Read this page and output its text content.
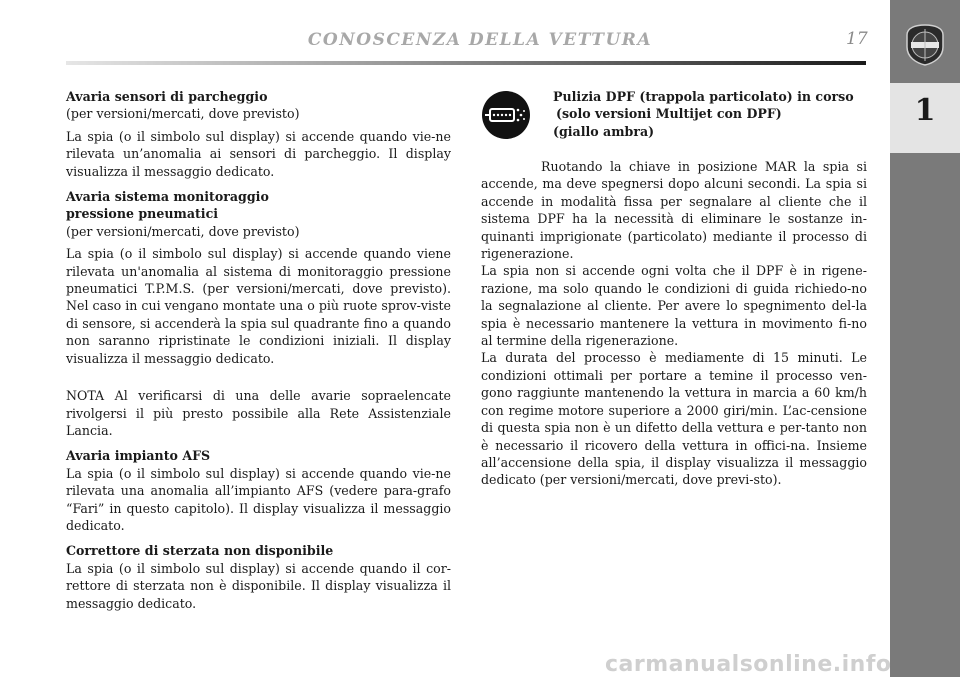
CONOSCENZA DELLA VETTURA	17
1
Avaria sensori di parcheggio

(per versioni/mercati, dove previsto)

La spia (o il simbolo sul display) si accende quando vie-ne rilevata un’anomalia ai sensori di parcheggio. Il display visualizza il messaggio dedicato.

Avaria sistema monitoraggio
pressione pneumatici

(per versioni/mercati, dove previsto)

La spia (o il simbolo sul display) si accende quando viene rilevata un'anomalia al sistema di monitoraggio pressione pneumatici T.P.M.S. (per versioni/mercati, dove previsto). Nel caso in cui vengano montate una o più ruote sprov-viste di sensore, si accenderà la spia sul quadrante fino a quando non saranno ripristinate le condizioni iniziali. Il display visualizza il messaggio dedicato.

NOTA Al verificarsi di una delle avarie sopraelencate rivolgersi il più presto possibile alla Rete Assistenziale Lancia.

Avaria impianto AFS

La spia (o il simbolo sul display) si accende quando vie-ne rilevata una anomalia all’impianto AFS (vedere para-grafo “Fari” in questo capitolo). Il display visualizza il messaggio dedicato.

Correttore di sterzata non disponibile

La spia (o il simbolo sul display) si accende quando il cor-rettore di sterzata non è disponibile. Il display visualizza il messaggio dedicato.

Pulizia DPF (trappola particolato) in corso
(solo versioni Multijet con DPF)
(giallo ambra)

Ruotando la chiave in posizione MAR la spia si accende, ma deve spegnersi dopo alcuni secondi. La spia si accende in modalità fissa per segnalare al cliente che il sistema DPF ha la necessità di eliminare le sostanze in-quinanti imprigionate (particolato) mediante il processo di rigenerazione.

La spia non si accende ogni volta che il DPF è in rigene-razione, ma solo quando le condizioni di guida richiedo-no la segnalazione al cliente. Per avere lo spegnimento del-la spia è necessario mantenere la vettura in movimento fi-no al termine della rigenerazione.

La durata del processo è mediamente di 15 minuti. Le condizioni ottimali per portare a temine il processo ven-gono raggiunte mantenendo la vettura in marcia a 60 km/h con regime motore superiore a 2000 giri/min. L’ac-censione di questa spia non è un difetto della vettura e per-tanto non è necessario il ricovero della vettura in offici-na. Insieme all’accensione della spia, il display visualizza il messaggio dedicato (per versioni/mercati, dove previ-sto).

carmanualsonline.info
